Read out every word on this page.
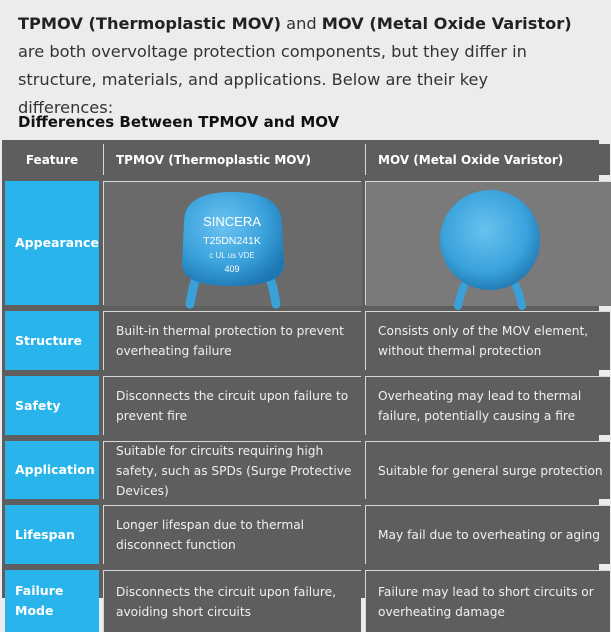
TPMOV (Thermoplastic MOV) and MOV (Metal Oxide Varistor) are both overvoltage protection components, but they differ in structure, materials, and applications. Below are their key differences:

Differences Between TPMOV and MOV
Feature	TPMOV (Thermoplastic MOV)	MOV (Metal Oxide Varistor)
Appearance
SINCERA
T25DN241K
c UL us VDE
409
Structure
Built-in thermal protection to prevent overheating failure
Consists only of the MOV element, without thermal protection
Safety
Disconnects the circuit upon failure to prevent fire
Overheating may lead to thermal failure, potentially causing a fire
Application
Suitable for circuits requiring high safety, such as SPDs (Surge Protective Devices)
Suitable for general surge protection
Lifespan
Longer lifespan due to thermal disconnect function
May fail due to overheating or aging
Failure Mode
Disconnects the circuit upon failure, avoiding short circuits
Failure may lead to short circuits or overheating damage
